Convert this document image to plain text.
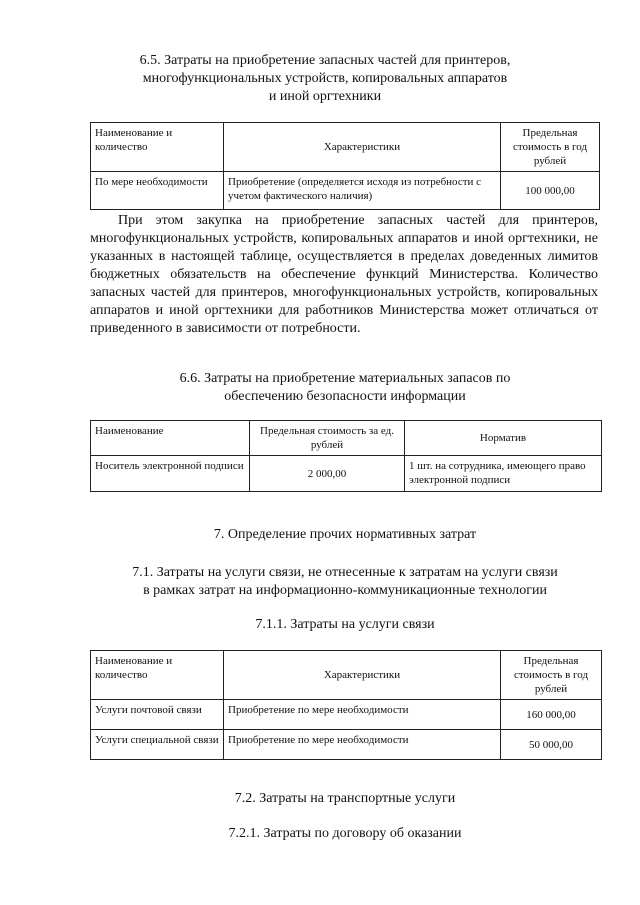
6.5. Затраты на приобретение запасных частей для принтеров,
многофункциональных устройств, копировальных аппаратов
и иной оргтехники
Наименование и количество	Характеристики	Предельная стоимость в год рублей
По мере необходимости	Приобретение (определяется исходя из потребности с учетом фактического наличия)	100 000,00
При этом закупка на приобретение запасных частей для принтеров, многофункциональных устройств, копировальных аппаратов и иной оргтехники, не указанных в настоящей таблице, осуществляется в пределах доведенных лимитов бюджетных обязательств на обеспечение функций Министерства. Количество запасных частей для принтеров, многофункциональных устройств, копировальных аппаратов и иной оргтехники для работников Министерства может отличаться от приведенного в зависимости от потребности.
6.6. Затраты на приобретение материальных запасов по
обеспечению безопасности информации
Наименование	Предельная стоимость за ед. рублей	Норматив
Носитель электронной подписи	2 000,00	1 шт. на сотрудника, имеющего право электронной подписи
7. Определение прочих нормативных затрат
7.1. Затраты на услуги связи, не отнесенные к затратам на услуги связи
в рамках затрат на информационно-коммуникационные технологии
7.1.1. Затраты на услуги связи
Наименование и количество	Характеристики	Предельная стоимость в год рублей
Услуги почтовой связи	Приобретение по мере необходимости	160 000,00
Услуги специальной связи	Приобретение по мере необходимости	50 000,00
7.2. Затраты на транспортные услуги
7.2.1. Затраты по договору об оказании
